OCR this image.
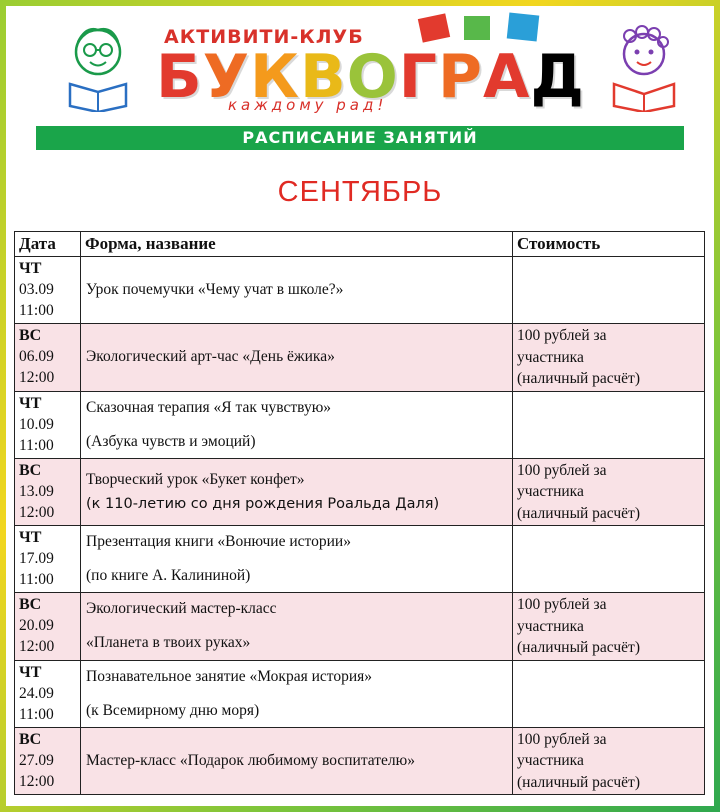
АКТИВИТИ-КЛУБ
БУКВОГРАД
каждому рад!
РАСПИСАНИЕ ЗАНЯТИЙ
СЕНТЯБРЬ
Дата	Форма, название	Стоимость

ЧТ
03.09
11:00	Урок почемучки «Чему учат в школе?»	

ВС
06.09
12:00	Экологический арт-час «День ёжика»	100 рублей за
участника
(наличный расчёт)

ЧТ
10.09
11:00	Сказочная терапия «Я так чувствую»
(Азбука чувств и эмоций)	

ВС
13.09
12:00	Творческий урок «Букет конфет»
(к 110-летию со дня рождения Роальда Даля)	100 рублей за
участника
(наличный расчёт)

ЧТ
17.09
11:00	Презентация книги «Вонючие истории»
(по книге А. Калининой)	

ВС
20.09
12:00	Экологический мастер-класс
«Планета в твоих руках»	100 рублей за
участника
(наличный расчёт)

ЧТ
24.09
11:00	Познавательное занятие «Мокрая история»
(к Всемирному дню моря)	

ВС
27.09
12:00	Мастер-класс «Подарок любимому воспитателю»	100 рублей за
участника
(наличный расчёт)
